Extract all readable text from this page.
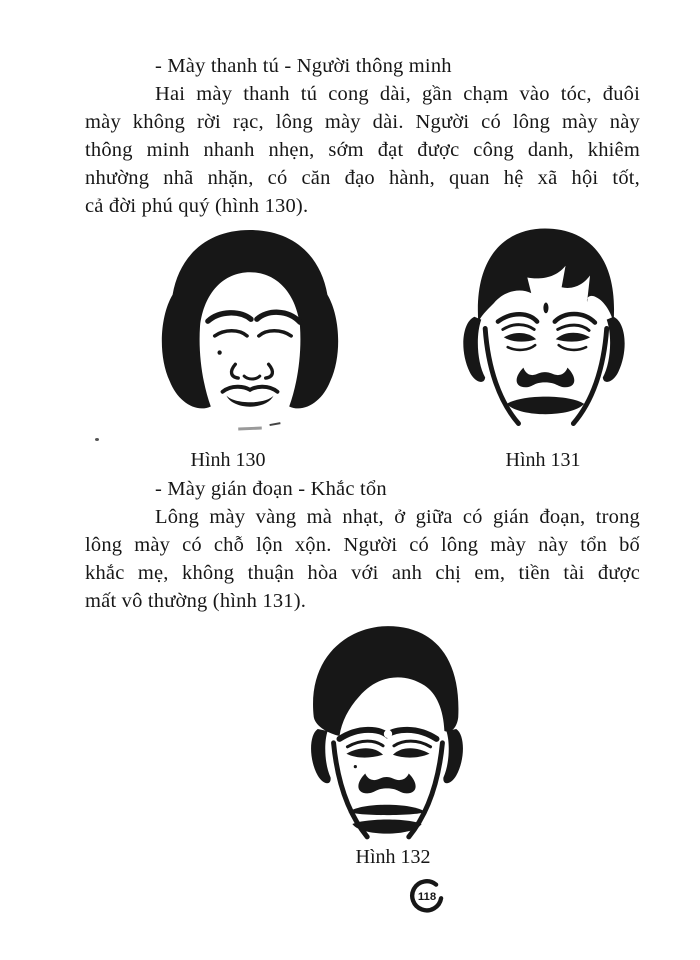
- Mày thanh tú - Người thông minh
Hai mày thanh tú cong dài, gần chạm vào tóc, đuôi
mày không rời rạc, lông mày dài. Người có lông mày này
thông minh nhanh nhẹn, sớm đạt được công danh, khiêm
nhường nhã nhặn, có căn đạo hành, quan hệ xã hội tốt,
cả đời phú quý (hình 130).
Hình 130	Hình 131
- Mày gián đoạn - Khắc tổn
Lông mày vàng mà nhạt, ở giữa có gián đoạn, trong
lông mày có chỗ lộn xộn. Người có lông mày này tổn bố
khắc mẹ, không thuận hòa với anh chị em, tiền tài được
mất vô thường (hình 131).
Hình 132
118
